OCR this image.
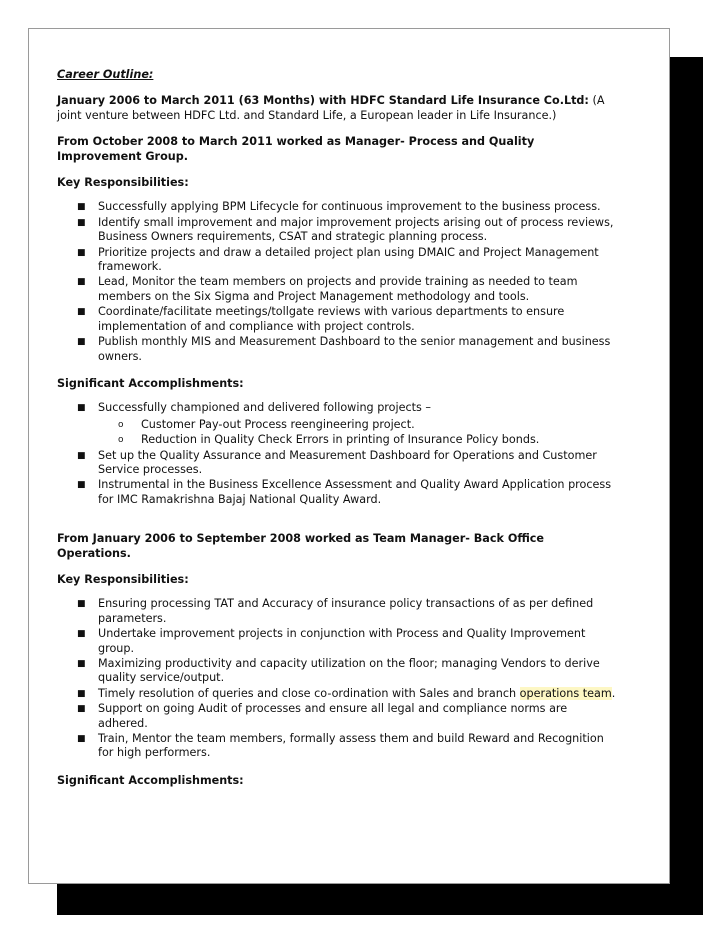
Career Outline:

January 2006 to March 2011 (63 Months) with HDFC Standard Life Insurance Co.Ltd: (A joint venture between HDFC Ltd. and Standard Life, a European leader in Life Insurance.)

From October 2008 to March 2011 worked as Manager- Process and Quality Improvement Group.

Key Responsibilities:

■ Successfully applying BPM Lifecycle for continuous improvement to the business process.
■ Identify small improvement and major improvement projects arising out of process reviews, Business Owners requirements, CSAT and strategic planning process.
■ Prioritize projects and draw a detailed project plan using DMAIC and Project Management framework.
■ Lead, Monitor the team members on projects and provide training as needed to team members on the Six Sigma and Project Management methodology and tools.
■ Coordinate/facilitate meetings/tollgate reviews with various departments to ensure implementation of and compliance with project controls.
■ Publish monthly MIS and Measurement Dashboard to the senior management and business owners.

Significant Accomplishments:

■ Successfully championed and delivered following projects –
o Customer Pay-out Process reengineering project.
o Reduction in Quality Check Errors in printing of Insurance Policy bonds.
■ Set up the Quality Assurance and Measurement Dashboard for Operations and Customer Service processes.
■ Instrumental in the Business Excellence Assessment and Quality Award Application process for IMC Ramakrishna Bajaj National Quality Award.

From January 2006 to September 2008 worked as Team Manager- Back Office Operations.

Key Responsibilities:

■ Ensuring processing TAT and Accuracy of insurance policy transactions of as per defined parameters.
■ Undertake improvement projects in conjunction with Process and Quality Improvement group.
■ Maximizing productivity and capacity utilization on the floor; managing Vendors to derive quality service/output.
■ Timely resolution of queries and close co-ordination with Sales and branch operations team.
■ Support on going Audit of processes and ensure all legal and compliance norms are adhered.
■ Train, Mentor the team members, formally assess them and build Reward and Recognition for high performers.

Significant Accomplishments:
